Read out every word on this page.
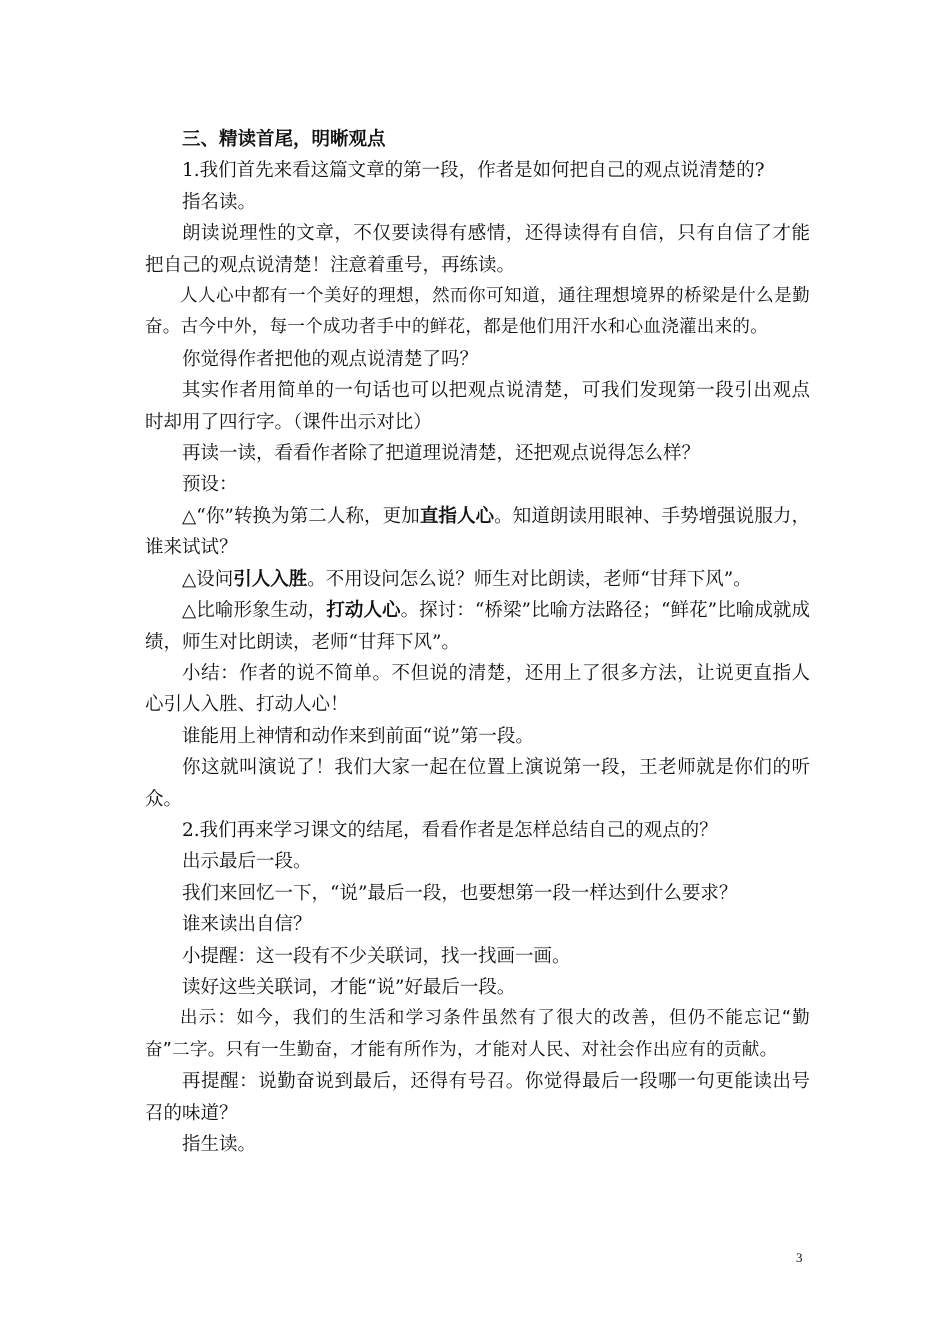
三、精读首尾，明晰观点

1.我们首先来看这篇文章的第一段，作者是如何把自己的观点说清楚的?

指名读。

朗读说理性的文章，不仅要读得有感情，还得读得有自信，只有自信了才能把自己的观点说清楚！注意着重号，再练读。

人人心中都有一个美好的理想，然而你可知道，通往理想境界的桥梁是什么是勤奋。古今中外，每一个成功者手中的鲜花，都是他们用汗水和心血浇灌出来的。

你觉得作者把他的观点说清楚了吗？

其实作者用简单的一句话也可以把观点说清楚，可我们发现第一段引出观点时却用了四行字。（课件出示对比）

再读一读，看看作者除了把道理说清楚，还把观点说得怎么样？

预设：

△“你”转换为第二人称，更加直指人心。知道朗读用眼神、手势增强说服力，谁来试试？

△设问引人入胜。不用设问怎么说？师生对比朗读，老师“甘拜下风”。

△比喻形象生动，打动人心。探讨：“桥梁”比喻方法路径；“鲜花”比喻成就成绩，师生对比朗读，老师“甘拜下风”。

小结：作者的说不简单。不但说的清楚，还用上了很多方法，让说更直指人心引人入胜、打动人心！

谁能用上神情和动作来到前面“说”第一段。

你这就叫演说了！我们大家一起在位置上演说第一段，王老师就是你们的听众。

2.我们再来学习课文的结尾，看看作者是怎样总结自己的观点的？

出示最后一段。

我们来回忆一下，“说”最后一段，也要想第一段一样达到什么要求？

谁来读出自信？

小提醒：这一段有不少关联词，找一找画一画。

读好这些关联词，才能“说”好最后一段。

出示：如今，我们的生活和学习条件虽然有了很大的改善，但仍不能忘记“勤奋”二字。只有一生勤奋，才能有所作为，才能对人民、对社会作出应有的贡献。

再提醒：说勤奋说到最后，还得有号召。你觉得最后一段哪一句更能读出号召的味道？

指生读。

3
